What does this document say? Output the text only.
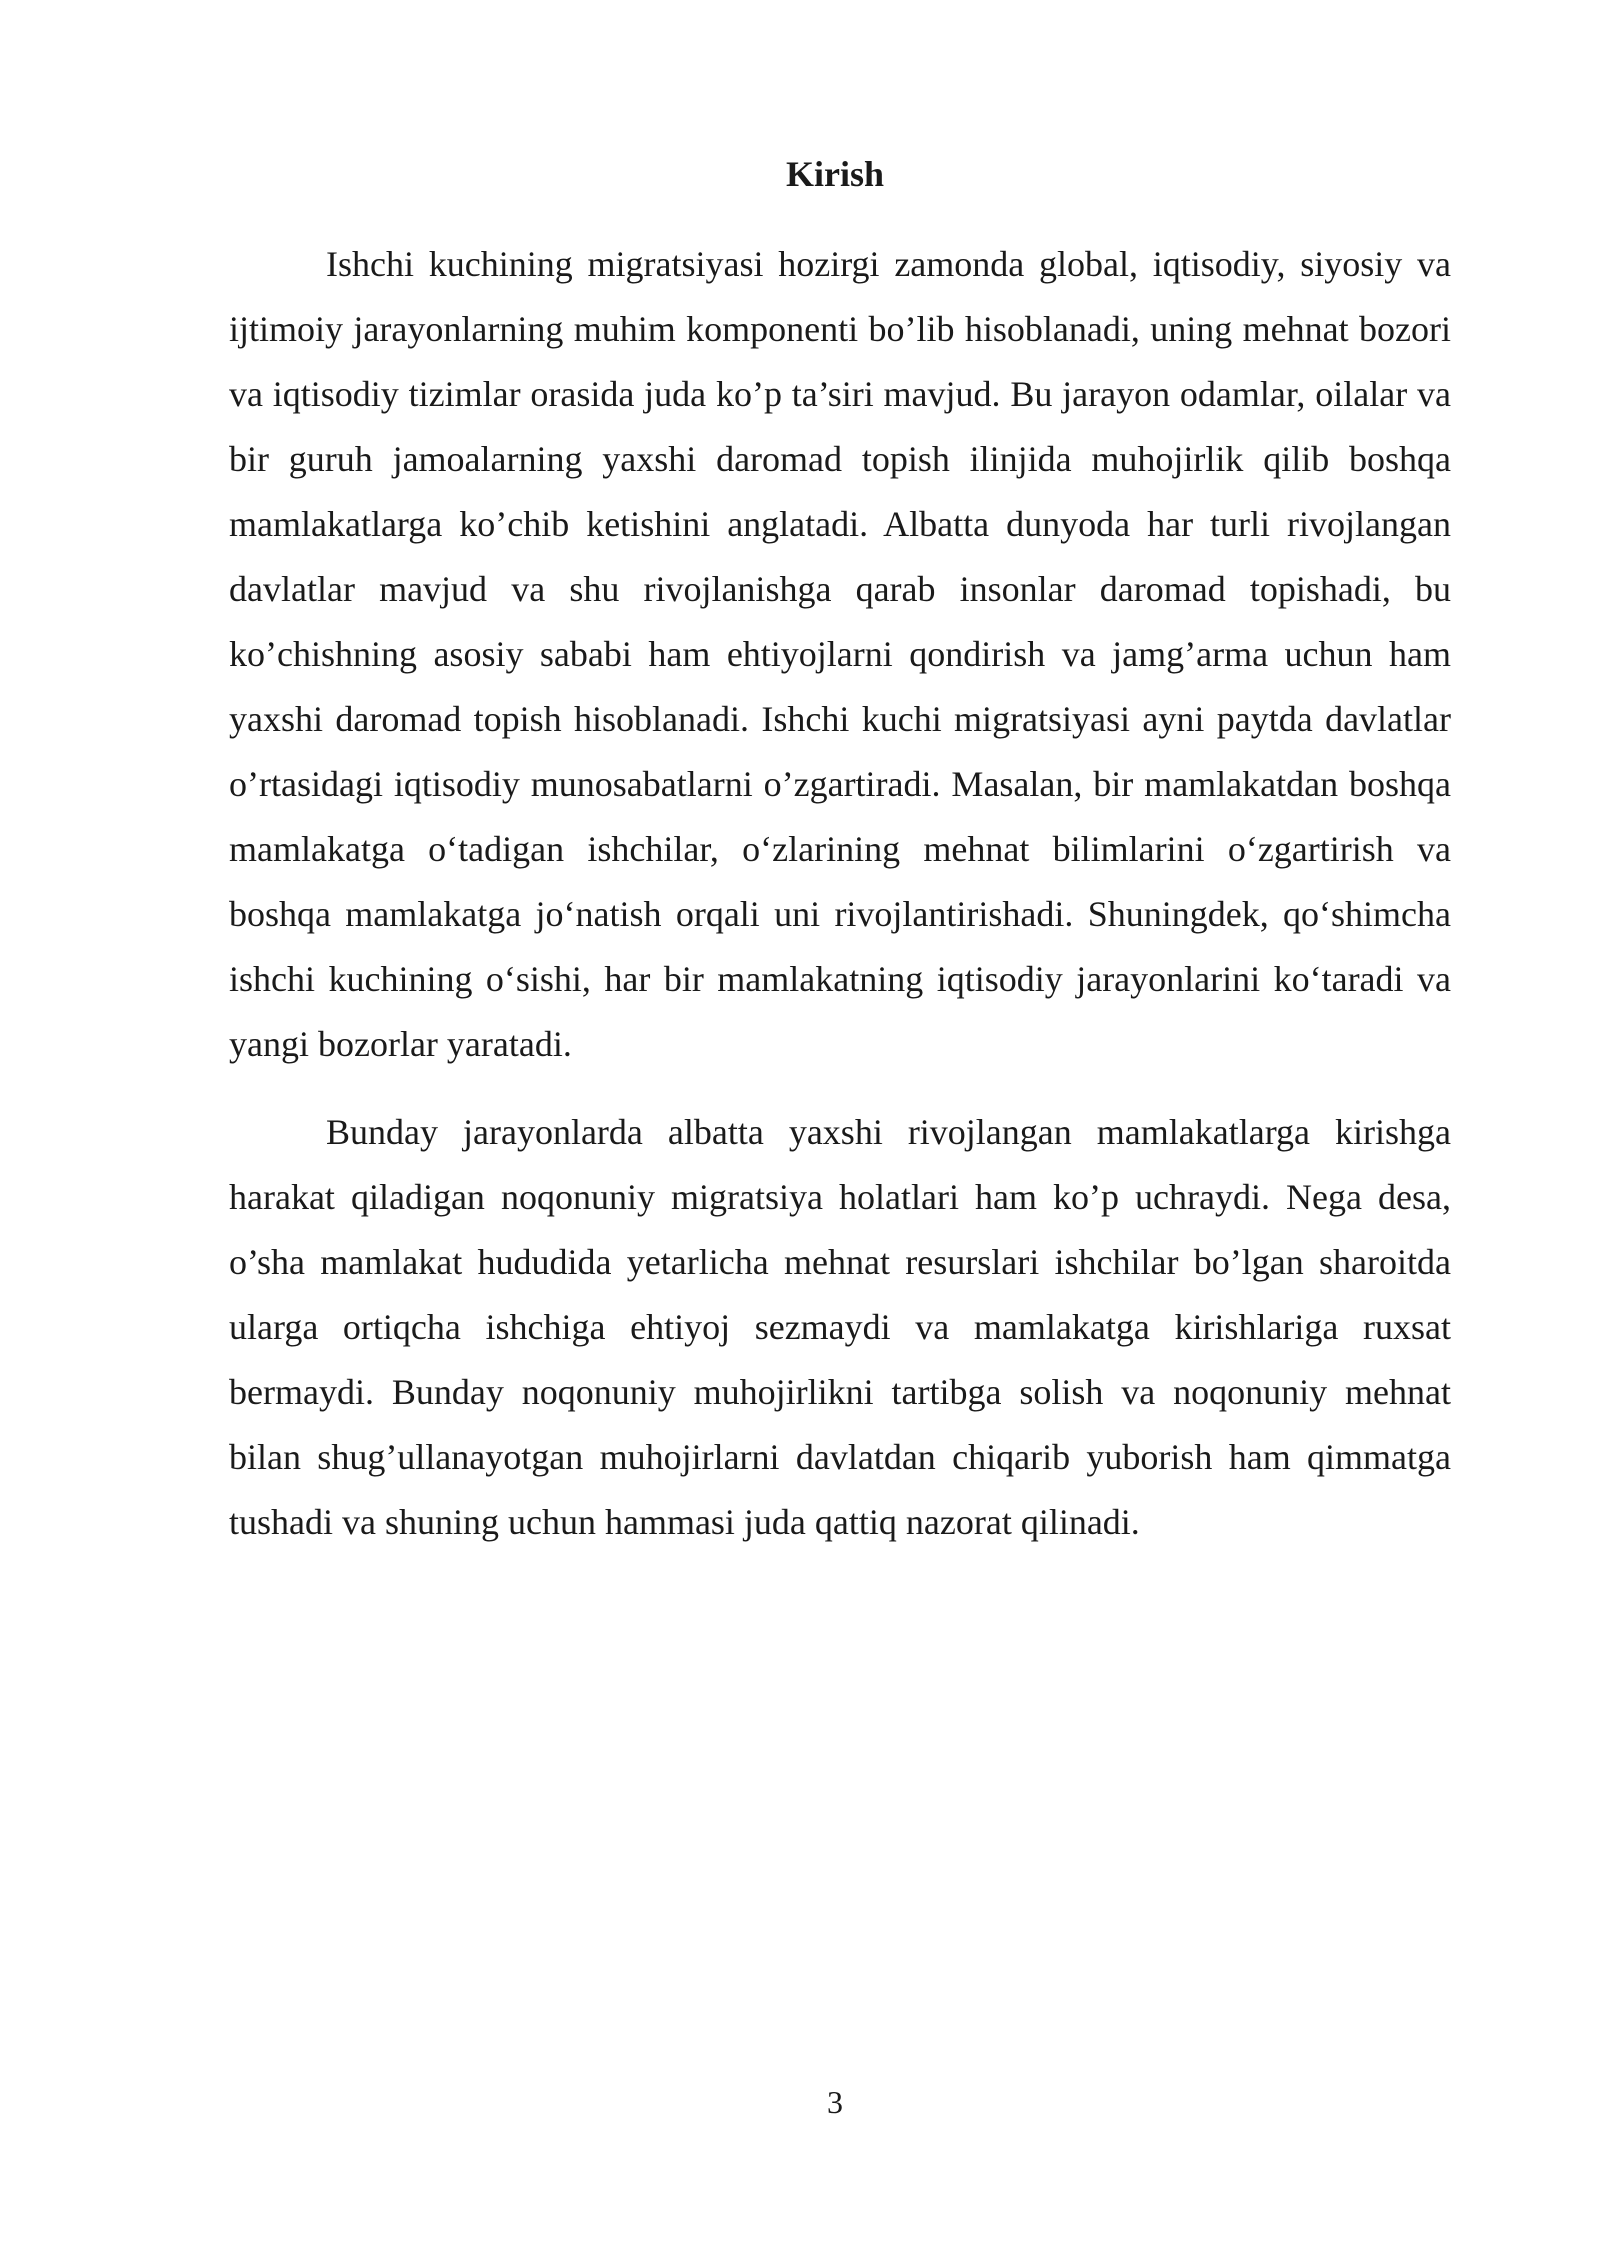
Kirish

Ishchi kuchining migratsiyasi hozirgi zamonda global, iqtisodiy, siyosiy va ijtimoiy jarayonlarning muhim komponenti bo’lib hisoblanadi, uning mehnat bozori va iqtisodiy tizimlar orasida juda ko’p ta’siri mavjud. Bu jarayon odamlar, oilalar va bir guruh jamoalarning yaxshi daromad topish ilinjida muhojirlik qilib boshqa mamlakatlarga ko’chib ketishini anglatadi. Albatta dunyoda har turli rivojlangan davlatlar mavjud va shu rivojlanishga qarab insonlar daromad topishadi, bu ko’chishning asosiy sababi ham ehtiyojlarni qondirish va jamg’arma uchun ham yaxshi daromad topish hisoblanadi. Ishchi kuchi migratsiyasi ayni paytda davlatlar o’rtasidagi iqtisodiy munosabatlarni o’zgartiradi. Masalan, bir mamlakatdan boshqa mamlakatga o‘tadigan ishchilar, o‘zlarining mehnat bilimlarini o‘zgartirish va boshqa mamlakatga jo‘natish orqali uni rivojlantirishadi. Shuningdek, qo‘shimcha ishchi kuchining o‘sishi, har bir mamlakatning iqtisodiy jarayonlarini ko‘taradi va yangi bozorlar yaratadi.

Bunday jarayonlarda albatta yaxshi rivojlangan mamlakatlarga kirishga harakat qiladigan noqonuniy migratsiya holatlari ham ko’p uchraydi. Nega desa, o’sha mamlakat hududida yetarlicha mehnat resurslari ishchilar bo’lgan sharoitda ularga ortiqcha ishchiga ehtiyoj sezmaydi va mamlakatga kirishlariga ruxsat bermaydi. Bunday noqonuniy muhojirlikni tartibga solish va noqonuniy mehnat bilan shug’ullanayotgan muhojirlarni davlatdan chiqarib yuborish ham qimmatga tushadi va shuning uchun hammasi juda qattiq nazorat qilinadi.

3
